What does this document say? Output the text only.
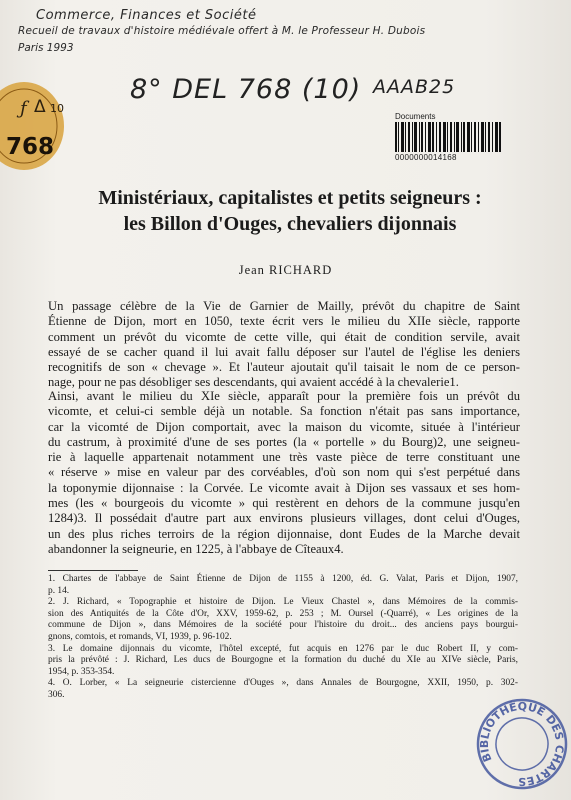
Commerce, Finances et Société
Recueil de travaux d'histoire médiévale offert à M. le Professeur H. Dubois
Paris 1993
8° DEL 768 (10) AAAB25
ƒ Δ 10
768
Documents
0000000014168
Ministériaux, capitalistes et petits seigneurs :
les Billon d'Ouges, chevaliers dijonnais
Jean RICHARD
Un passage célèbre de la Vie de Garnier de Mailly, prévôt du chapitre de Saint
Étienne de Dijon, mort en 1050, texte écrit vers le milieu du XIIe siècle, rapporte
comment un prévôt du vicomte de cette ville, qui était de condition servile, avait
essayé de se cacher quand il lui avait fallu déposer sur l'autel de l'église les deniers
recognitifs de son « chevage ». Et l'auteur ajoutait qu'il taisait le nom de ce person-
nage, pour ne pas désobliger ses descendants, qui avaient accédé à la chevalerie1.
Ainsi, avant le milieu du XIe siècle, apparaît pour la première fois un prévôt du
vicomte, et celui-ci semble déjà un notable. Sa fonction n'était pas sans importance,
car la vicomté de Dijon comportait, avec la maison du vicomte, située à l'intérieur
du castrum, à proximité d'une de ses portes (la « portelle » du Bourg)2, une seigneu-
rie à laquelle appartenait notamment une très vaste pièce de terre constituant une
« réserve » mise en valeur par des corvéables, d'où son nom qui s'est perpétué dans
la toponymie dijonnaise : la Corvée. Le vicomte avait à Dijon ses vassaux et ses hom-
mes (les « bourgeois du vicomte » qui restèrent en dehors de la commune jusqu'en
1284)3. Il possédait d'autre part aux environs plusieurs villages, dont celui d'Ouges,
un des plus riches terroirs de la région dijonnaise, dont Eudes de la Marche devait
abandonner la seigneurie, en 1225, à l'abbaye de Cîteaux4.
1. Chartes de l'abbaye de Saint Étienne de Dijon de 1155 à 1200, éd. G. Valat, Paris et Dijon, 1907,
p. 14.
2. J. Richard, « Topographie et histoire de Dijon. Le Vieux Chastel », dans Mémoires de la commis-
sion des Antiquités de la Côte d'Or, XXV, 1959-62, p. 253 ; M. Oursel (-Quarré), « Les origines de la
commune de Dijon », dans Mémoires de la société pour l'histoire du droit... des anciens pays bourgui-
gnons, comtois, et romands, VI, 1939, p. 96-102.
3. Le domaine dijonnais du vicomte, l'hôtel excepté, fut acquis en 1276 par le duc Robert II, y com-
pris la prévôté : J. Richard, Les ducs de Bourgogne et la formation du duché du XIe au XIVe siècle, Paris,
1954, p. 353-354.
4. O. Lorber, « La seigneurie cistercienne d'Ouges », dans Annales de Bourgogne, XXII, 1950, p. 302-
306.
BIBLIOTHÈQUE DES CHARTES
